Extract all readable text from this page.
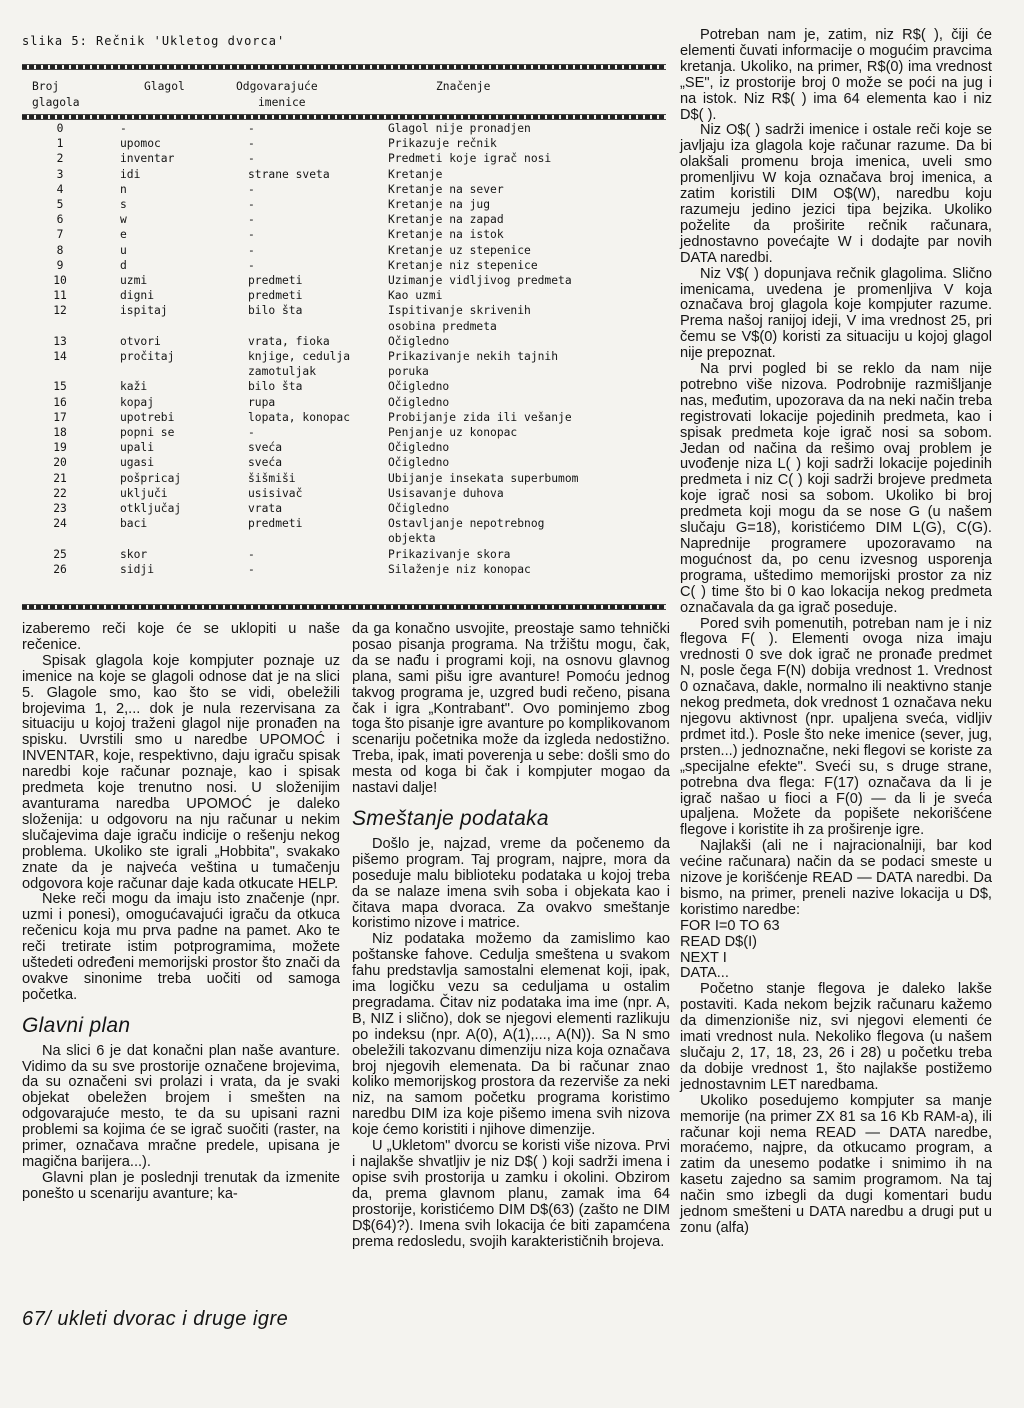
slika 5: Rečnik 'Ukletog dvorca'
Broj	Glagol	Odgovarajuće	Značenje
glagola	imenice
0	-	-	Glagol nije pronadjen
1	upomoc	-	Prikazuje rečnik
2	inventar	-	Predmeti koje igrač nosi
3	idi	strane sveta	Kretanje
4	n	-	Kretanje na sever
5	s	-	Kretanje na jug
6	w	-	Kretanje na zapad
7	e	-	Kretanje na istok
8	u	-	Kretanje uz stepenice
9	d	-	Kretanje niz stepenice
10	uzmi	predmeti	Uzimanje vidljivog predmeta
11	digni	predmeti	Kao uzmi
12	ispitaj	bilo šta	Ispitivanje skrivenih
osobina predmeta
13	otvori	vrata, fioka	Očigledno
14	pročitaj	knjige, cedulja	Prikazivanje nekih tajnih
zamotuljak	poruka
15	kaži	bilo šta	Očigledno
16	kopaj	rupa	Očigledno
17	upotrebi	lopata, konopac	Probijanje zida ili vešanje
18	popni se	-	Penjanje uz konopac
19	upali	sveća	Očigledno
20	ugasi	sveća	Očigledno
21	pošpricaj	šišmiši	Ubijanje insekata superbumom
22	uključi	usisivač	Usisavanje duhova
23	otključaj	vrata	Očigledno
24	baci	predmeti	Ostavljanje nepotrebnog
objekta
25	skor	-	Prikazivanje skora
26	sidji	-	Silaženje niz konopac

izaberemo reči koje će se uklopiti u naše rečenice.

Spisak glagola koje kompjuter poznaje uz imenice na koje se glagoli odnose dat je na slici 5. Glagole smo, kao što se vidi, obeležili brojevima 1, 2,... dok je nula rezervisana za situaciju u kojoj traženi glagol nije pronađen na spisku. Uvrstili smo u naredbe UPOMOĆ i INVENTAR, koje, respektivno, daju igraču spisak naredbi koje računar poznaje, kao i spisak predmeta koje trenutno nosi. U složenijim avanturama naredba UPOMOĆ je daleko složenija: u odgovoru na nju računar u nekim slučajevima daje igraču indicije o rešenju nekog problema. Ukoliko ste igrali „Hobbita", svakako znate da je najveća veština u tumačenju odgovora koje računar daje kada otkucate HELP.

Neke reči mogu da imaju isto značenje (npr. uzmi i ponesi), omogućavajući igraču da otkuca rečenicu koja mu prva padne na pamet. Ako te reči tretirate istim potprogramima, možete uštedeti određeni memorijski prostor što znači da ovakve sinonime treba uočiti od samoga početka.

Glavni plan

Na slici 6 je dat konačni plan naše avanture. Vidimo da su sve prostorije označene brojevima, da su označeni svi prolazi i vrata, da je svaki objekat obeležen brojem i smešten na odgovarajuće mesto, te da su upisani razni problemi sa kojima će se igrač suočiti (raster, na primer, označava mračne predele, upisana je magična barijera...).

Glavni plan je poslednji trenutak da izmenite ponešto u scenariju avanture; ka-

da ga konačno usvojite, preostaje samo tehnički posao pisanja programa. Na tržištu mogu, čak, da se nađu i programi koji, na osnovu glavnog plana, sami pišu igre avanture! Pomoću jednog takvog programa je, uzgred budi rečeno, pisana čak i igra „Kontrabant". Ovo pominjemo zbog toga što pisanje igre avanture po komplikovanom scenariju početnika može da izgleda nedostižno. Treba, ipak, imati poverenja u sebe: došli smo do mesta od koga bi čak i kompjuter mogao da nastavi dalje!

Smeštanje podataka

Došlo je, najzad, vreme da počenemo da pišemo program. Taj program, najpre, mora da poseduje malu biblioteku podataka u kojoj treba da se nalaze imena svih soba i objekata kao i čitava mapa dvoraca. Za ovakvo smeštanje koristimo nizove i matrice.

Niz podataka možemo da zamislimo kao poštanske fahove. Cedulja smeštena u svakom fahu predstavlja samostalni elemenat koji, ipak, ima logičku vezu sa ceduljama u ostalim pregradama. Čitav niz podataka ima ime (npr. A, B, NIZ i slično), dok se njegovi elementi razlikuju po indeksu (npr. A(0), A(1),..., A(N)). Sa N smo obeležili takozvanu dimenziju niza koja označava broj njegovih elemenata. Da bi računar znao koliko memorijskog prostora da rezerviše za neki niz, na samom početku programa koristimo naredbu DIM iza koje pišemo imena svih nizova koje ćemo koristiti i njihove dimenzije.

U „Ukletom" dvorcu se koristi više nizova. Prvi i najlakše shvatljiv je niz D$( ) koji sadrži imena i opise svih prostorija u zamku i okolini. Obzirom da, prema glavnom planu, zamak ima 64 prostorije, koristićemo DIM D$(63) (zašto ne DIM D$(64)?). Imena svih lokacija će biti zapamćena prema redosledu, svojih karakterističnih brojeva.

Potreban nam je, zatim, niz R$( ), čiji će elementi čuvati informacije o mogućim pravcima kretanja. Ukoliko, na primer, R$(0) ima vrednost „SE", iz prostorije broj 0 može se poći na jug i na istok. Niz R$( ) ima 64 elementa kao i niz D$( ).

Niz O$( ) sadrži imenice i ostale reči koje se javljaju iza glagola koje računar razume. Da bi olakšali promenu broja imenica, uveli smo promenljivu W koja označava broj imenica, a zatim koristili DIM O$(W), naredbu koju razumeju jedino jezici tipa bejzika. Ukoliko poželite da proširite rečnik računara, jednostavno povećajte W i dodajte par novih DATA naredbi.

Niz V$( ) dopunjava rečnik glagolima. Slično imenicama, uvedena je promenljiva V koja označava broj glagola koje kompjuter razume. Prema našoj ranijoj ideji, V ima vrednost 25, pri čemu se V$(0) koristi za situaciju u kojoj glagol nije prepoznat.

Na prvi pogled bi se reklo da nam nije potrebno više nizova. Podrobnije razmišljanje nas, međutim, upozorava da na neki način treba registrovati lokacije pojedinih predmeta, kao i spisak predmeta koje igrač nosi sa sobom. Jedan od načina da rešimo ovaj problem je uvođenje niza L( ) koji sadrži lokacije pojedinih predmeta i niz C( ) koji sadrži brojeve predmeta koje igrač nosi sa sobom. Ukoliko bi broj predmeta koji mogu da se nose G (u našem slučaju G=18), koristićemo DIM L(G), C(G). Naprednije programere upozoravamo na mogućnost da, po cenu izvesnog usporenja programa, uštedimo memorijski prostor za niz C( ) time što bi 0 kao lokacija nekog predmeta označavala da ga igrač poseduje.

Pored svih pomenutih, potreban nam je i niz flegova F( ). Elementi ovoga niza imaju vrednosti 0 sve dok igrač ne pronađe predmet N, posle čega F(N) dobija vrednost 1. Vrednost 0 označava, dakle, normalno ili neaktivno stanje nekog predmeta, dok vrednost 1 označava neku njegovu aktivnost (npr. upaljena sveća, vidljiv prdmet itd.). Posle što neke imenice (sever, jug, prsten...) jednoznačne, neki flegovi se koriste za „specijalne efekte". Svеći su, s druge strane, potrebna dva flega: F(17) označava da li je igrač našao u fioci a F(0) — da li je sveća upaljena. Možete da popišete nekorišćene flegove i koristite ih za proširenje igre.

Najlakši (ali ne i najracionalniji, bar kod većine računara) način da se podaci smeste u nizove je korišćenje READ — DATA naredbi. Da bismo, na primer, preneli nazive lokacija u D$, koristimo naredbe:

FOR I=0 TO 63

READ D$(I)

NEXT I

DATA...

Početno stanje flegova je daleko lakše postaviti. Kada nekom bejzik računaru kažemo da dimenzioniše niz, svi njegovi elementi će imati vrednost nula. Nekoliko flegova (u našem slučaju 2, 17, 18, 23, 26 i 28) u početku treba da dobije vrednost 1, što najlakše postižemo jednostavnim LET naredbama.

Ukoliko posedujemo kompjuter sa manje memorije (na primer ZX 81 sa 16 Kb RAM-a), ili računar koji nema READ — DATA naredbe, moraćemo, najpre, da otkucamo program, a zatim da unesemo podatke i snimimo ih na kasetu zajedno sa samim programom. Na taj način smo izbegli da dugi komentari budu jednom smešteni u DATA naredbu a drugi put u zonu (alfa)

67/ ukleti dvorac i druge igre
